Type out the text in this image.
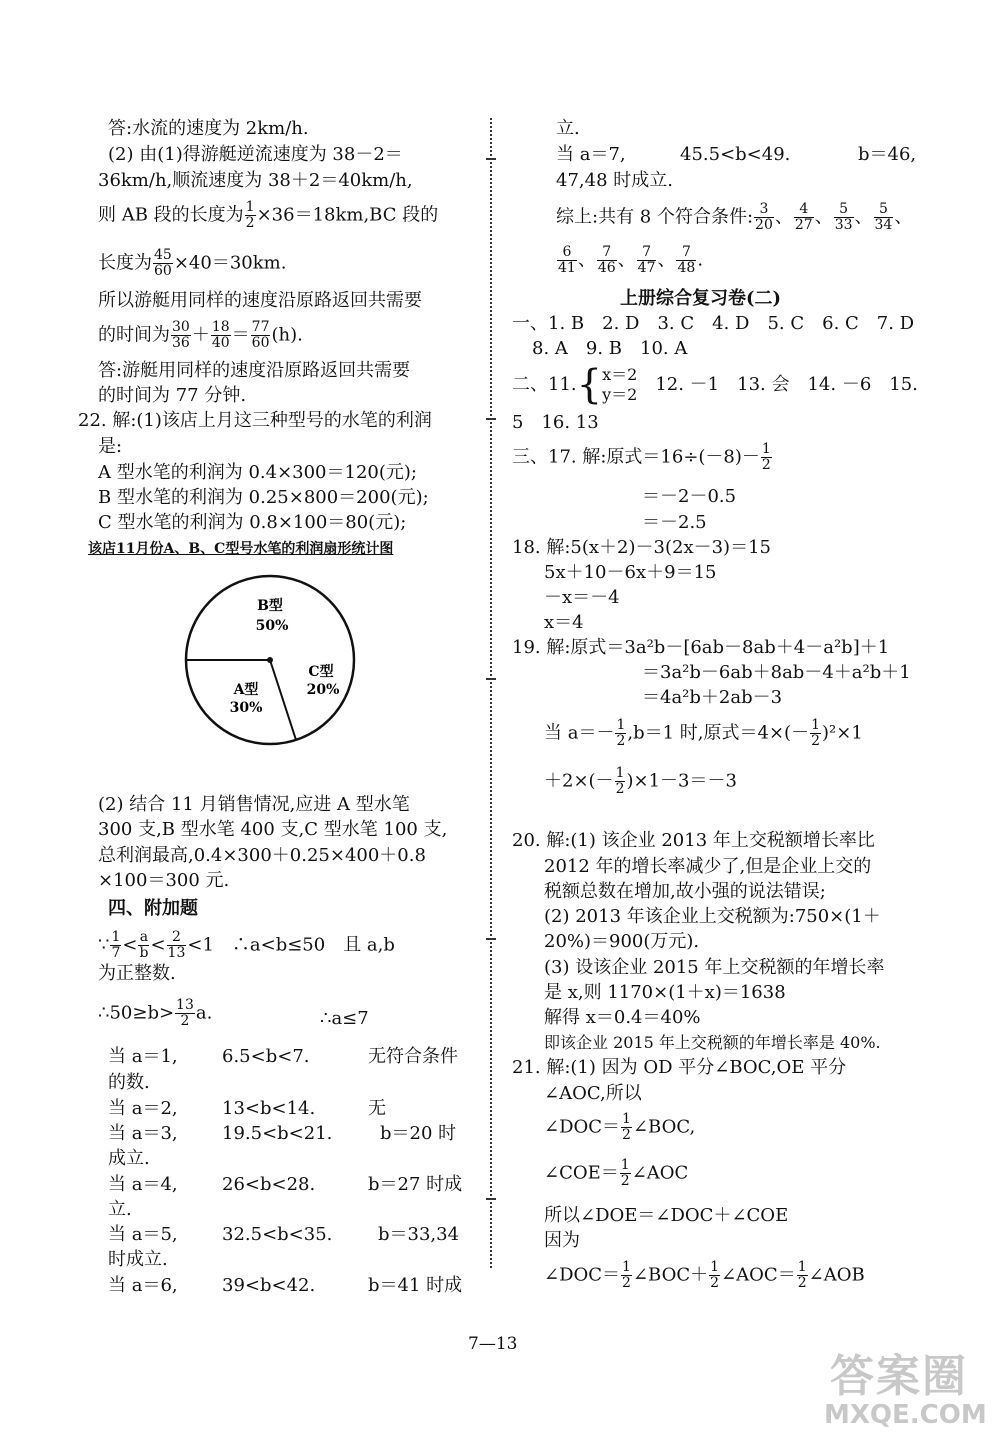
答:水流的速度为 2km/h.
(2) 由(1)得游艇逆流速度为 38－2＝
36km/h,顺流速度为 38＋2＝40km/h,
则 AB 段的长度为 $\frac{1}{2} \times 36=18km,BC$ 段的
长度为 $\frac{45}{60} \times 40=30km$.
所以游艇用同样的速度沿原路返回共需要
的时间为 $\frac{30}{36} + \frac{18}{40} = \frac{77}{60} (h)$.
答:游艇用同样的速度沿原路返回共需要
的时间为 77 分钟.
22. 解:(1)该店上月这三种型号的水笔的利润
是:
A 型水笔的利润为 0.4×300＝120(元);
B 型水笔的利润为 0.25×800＝200(元);
C 型水笔的利润为 0.8×100＝80(元);
该店11月份A、B、C型号水笔的利润扇形统计图
B型
50%
C型
20%
A型
30%
(2) 结合 11 月销售情况,应进 A 型水笔
300 支,B 型水笔 400 支,C 型水笔 100 支,
总利润最高,0.4×300＋0.25×400＋0.8
×100＝300 元.
四、附加题
∵ $\frac{1}{7} < \frac{a}{b} < \frac{2}{13} <1$　∴a<b≤50　且 a,b
为正整数.
∴50≥b> $\frac{13}{2} a$.	∴a≤7
当 a＝1, 6.5<b<7.	无符合条件
的数.
当 a＝2, 13<b<14.	无
当 a＝3, 19.5<b<21.	b＝20 时
成立.
当 a＝4, 26<b<28.	b＝27 时成
立.
当 a＝5, 32.5<b<35.	b＝33,34
时成立.
当 a＝6, 39<b<42.	b＝41 时成
立.
当 a＝7,	45.5<b<49.	b＝46,
47,48 时成立.
综上:共有 8 个符合条件: $\frac{3}{20}$ 、 $\frac{4}{27}$ 、 $\frac{5}{33}$ 、 $\frac{5}{34}$ 、
$\frac{6}{41}$ 、 $\frac{7}{46}$ 、 $\frac{7}{47}$ 、 $\frac{7}{48}$ .
上册综合复习卷(二)
一、1. B　2. D　3. C　4. D　5. C　6. C　7. D
8. A　9. B　10. A
二、11.{ x＝2
y＝2
　 12. －1　13. 会　14. －6　15.
5　16. 13
三、17. 解:原式$=16\div(-8)- \frac{1}{2}$
＝－2－0.5
＝－2.5
18. 解:5(x＋2)－3(2x－3)＝15
5x＋10－6x＋9＝15
－x＝－4
x＝4
19. 解:原式＝3a²b－[6ab－8ab＋4－a²b]＋1
＝3a²b－6ab＋8ab－4＋a²b＋1
＝4a²b＋2ab－3
当 $a=- \frac{1}{2} ,b=1$ 时,原式$=4\times(- \frac{1}{2} )^2\times 1$
$+2\times(- \frac{1}{2} )\times 1-3=-3$
20. 解:(1) 该企业 2013 年上交税额增长率比
2012 年的增长率减少了,但是企业上交的
税额总数在增加,故小强的说法错误;
(2) 2013 年该企业上交税额为:750×(1＋
20%)＝900(万元).
(3) 设该企业 2015 年上交税额的年增长率
是 x,则 1170×(1＋x)＝1638
解得 x＝0.4＝40%
即该企业 2015 年上交税额的年增长率是 40%.
21. 解:(1) 因为 OD 平分∠BOC,OE 平分
∠AOC,所以
∠DOC＝ $\frac{1}{2}$ ∠BOC,
∠COE＝ $\frac{1}{2}$ ∠AOC
所以∠DOE＝∠DOC＋∠COE
因为
∠DOC＝ $\frac{1}{2}$ ∠BOC＋ $\frac{1}{2}$ ∠AOC＝ $\frac{1}{2}$ ∠AOB
7—13
答案圈
MXQE.COM
